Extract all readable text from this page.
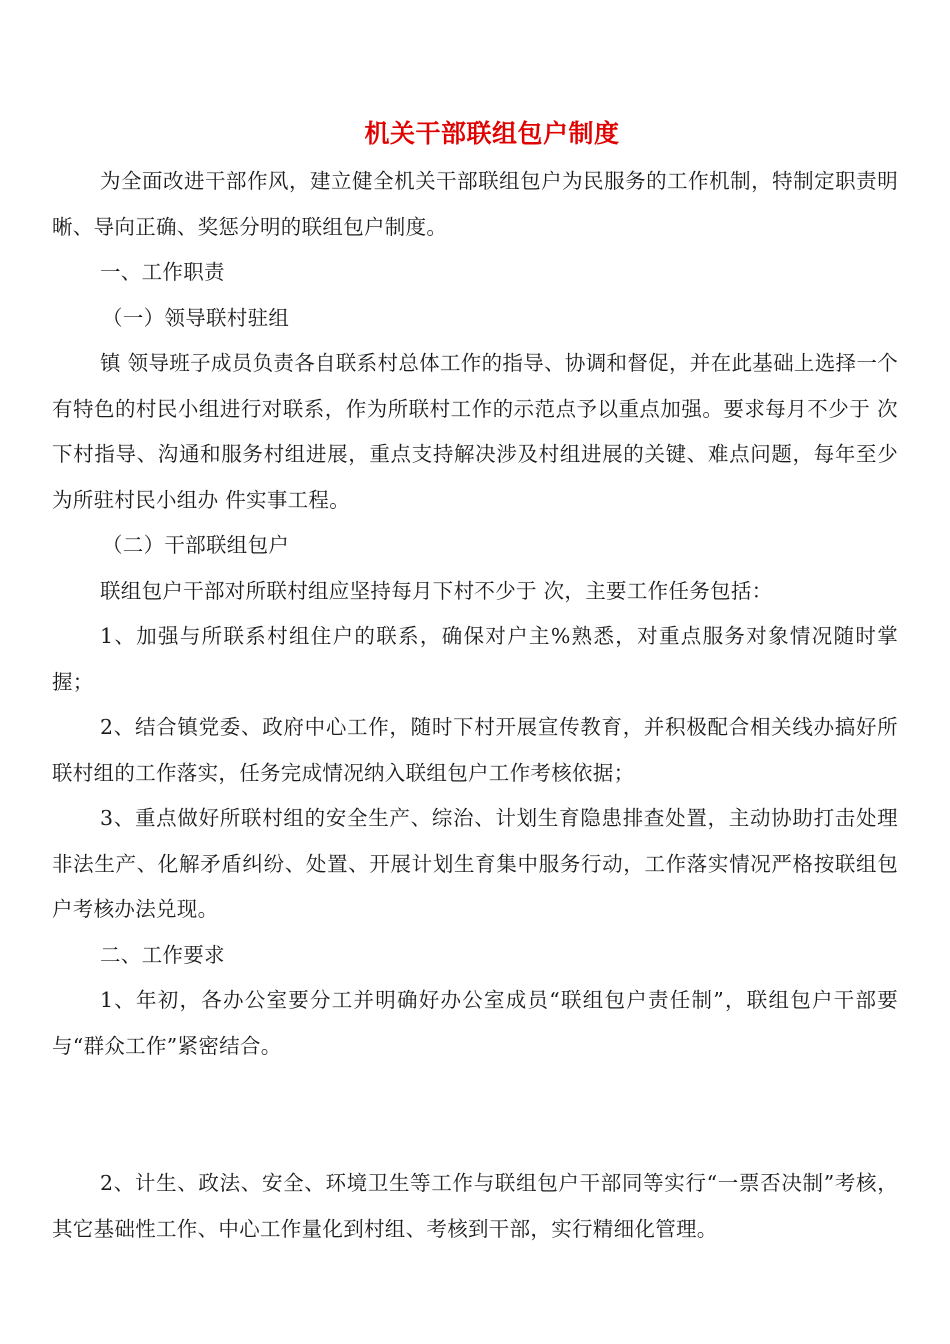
机关干部联组包户制度

为全面改进干部作风，建立健全机关干部联组包户为民服务的工作机制，特制定职责明晰、导向正确、奖惩分明的联组包户制度。

一、工作职责

（一）领导联村驻组

镇 领导班子成员负责各自联系村总体工作的指导、协调和督促，并在此基础上选择一个有特色的村民小组进行对联系，作为所联村工作的示范点予以重点加强。要求每月不少于 次下村指导、沟通和服务村组进展，重点支持解决涉及村组进展的关键、难点问题，每年至少为所驻村民小组办 件实事工程。

（二）干部联组包户

联组包户干部对所联村组应坚持每月下村不少于 次，主要工作任务包括：

1、加强与所联系村组住户的联系，确保对户主%熟悉，对重点服务对象情况随时掌握；

2、结合镇党委、政府中心工作，随时下村开展宣传教育，并积极配合相关线办搞好所联村组的工作落实，任务完成情况纳入联组包户工作考核依据；

3、重点做好所联村组的安全生产、综治、计划生育隐患排查处置，主动协助打击处理非法生产、化解矛盾纠纷、处置、开展计划生育集中服务行动，工作落实情况严格按联组包户考核办法兑现。

二、工作要求

1、年初，各办公室要分工并明确好办公室成员“联组包户责任制”，联组包户干部要与“群众工作”紧密结合。

2、计生、政法、安全、环境卫生等工作与联组包户干部同等实行“一票否决制”考核，其它基础性工作、中心工作量化到村组、考核到干部，实行精细化管理。
